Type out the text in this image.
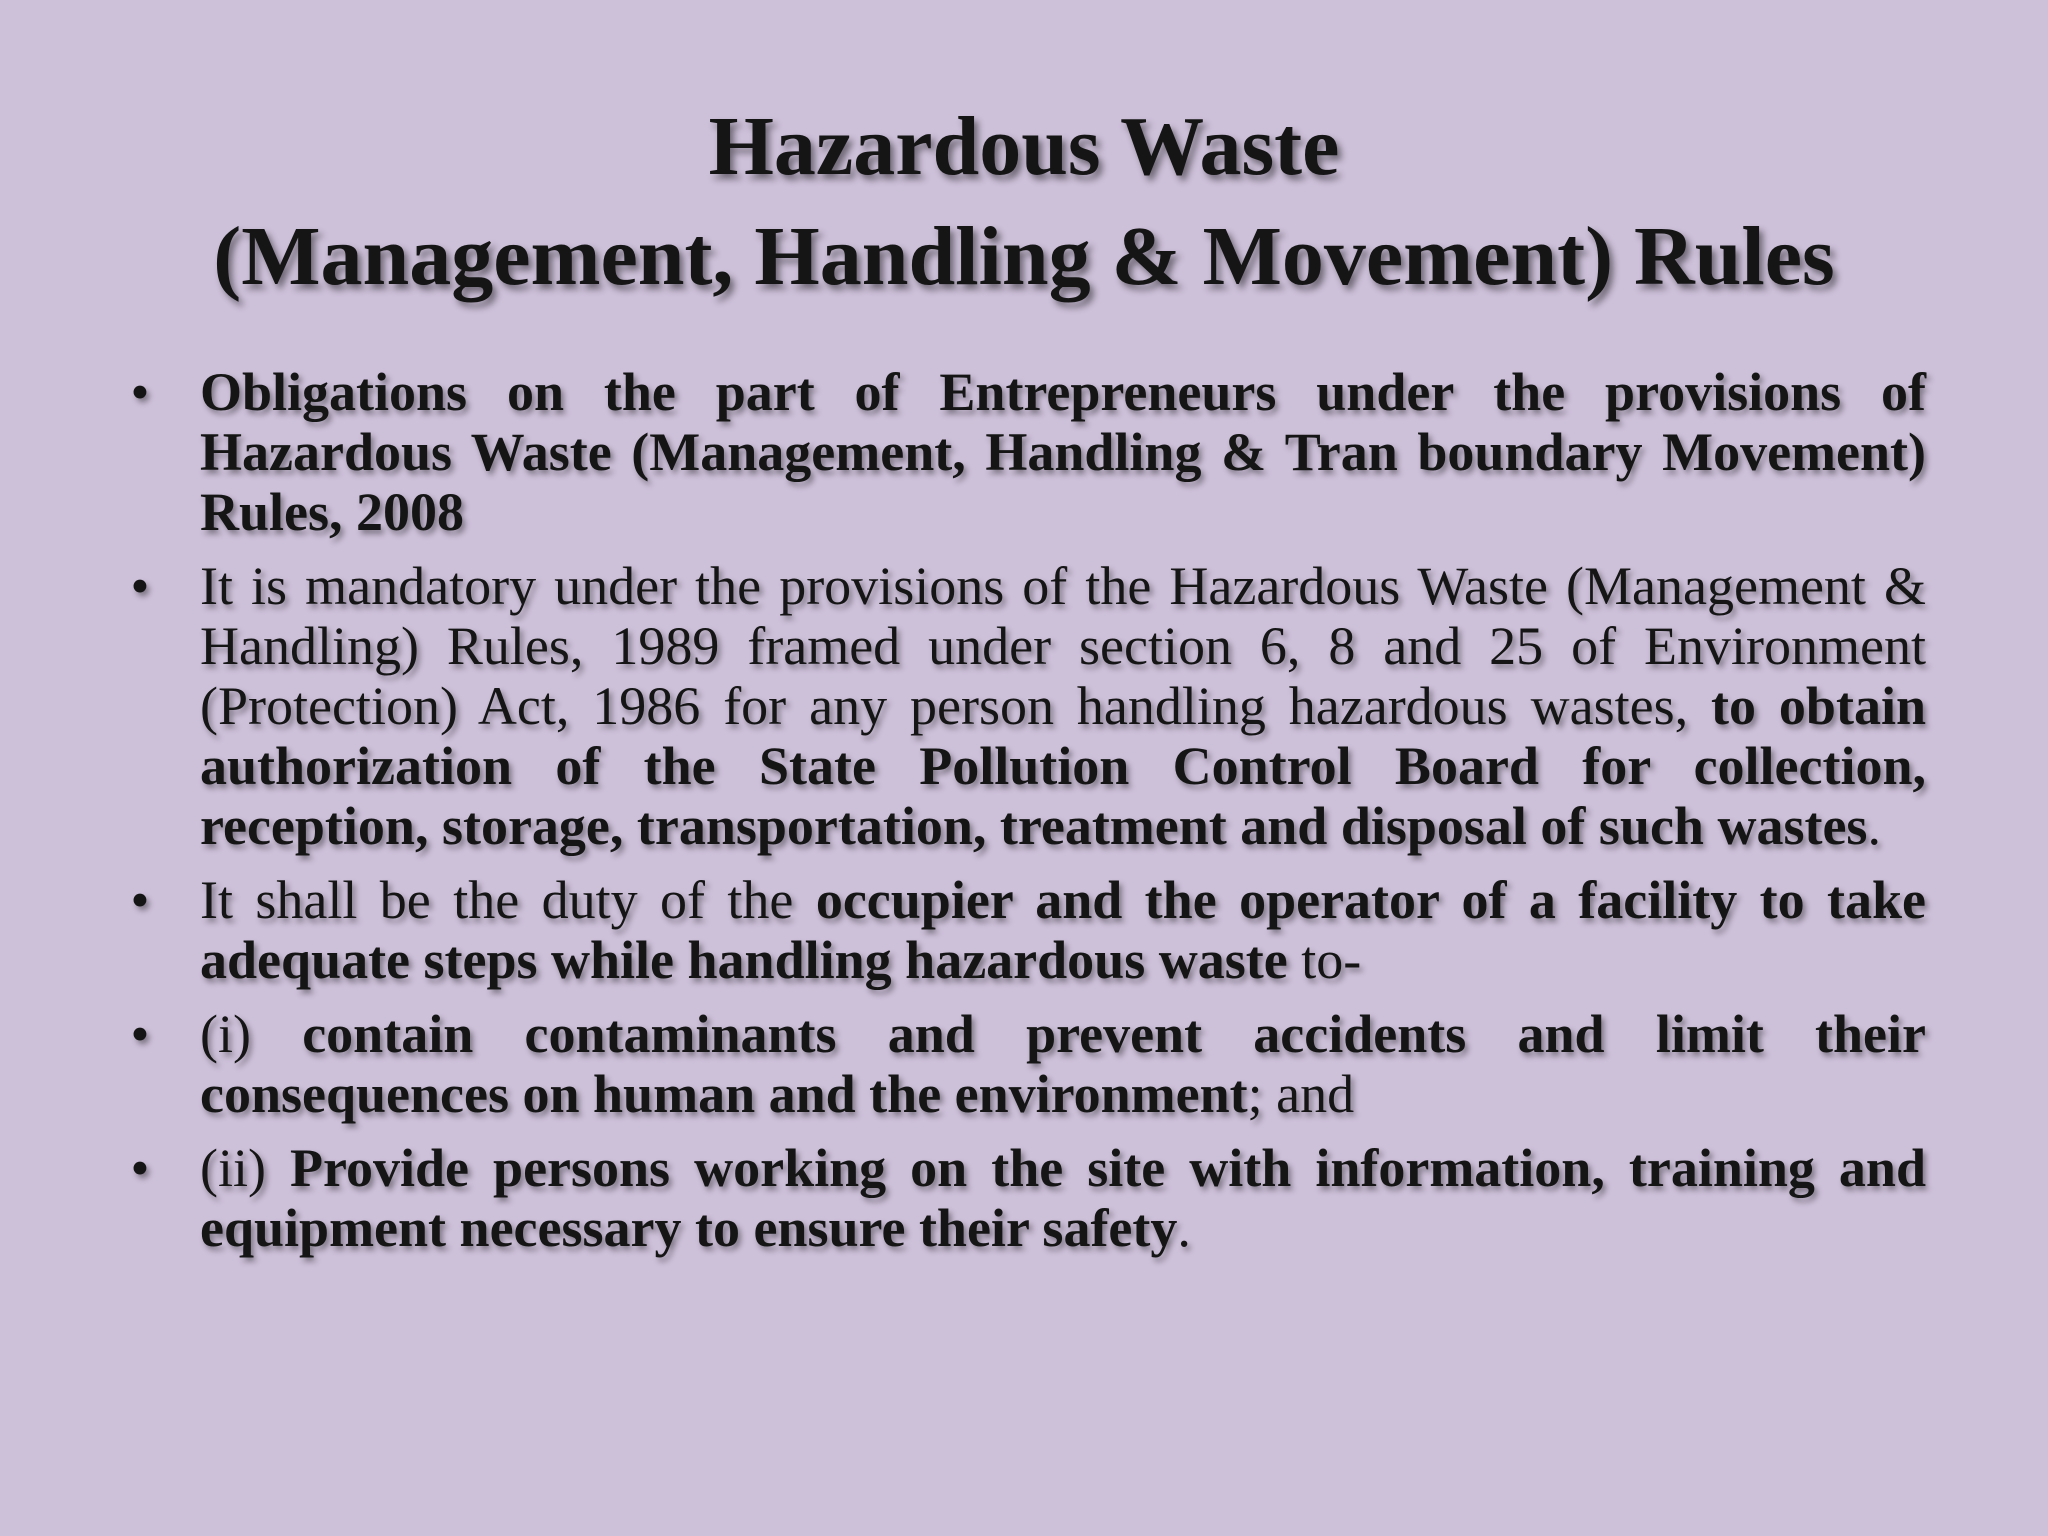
Hazardous Waste
(Management, Handling & Movement) Rules
• Obligations on the part of Entrepreneurs under the provisions of Hazardous Waste (Management, Handling & Tran boundary Movement) Rules, 2008
• It is mandatory under the provisions of the Hazardous Waste (Management & Handling) Rules, 1989 framed under section 6, 8 and 25 of Environment (Protection) Act, 1986 for any person handling hazardous wastes, to obtain authorization of the State Pollution Control Board for collection, reception, storage, transportation, treatment and disposal of such wastes.
• It shall be the duty of the occupier and the operator of a facility to take adequate steps while handling hazardous waste to-
• (i) contain contaminants and prevent accidents and limit their consequences on human and the environment; and
• (ii) Provide persons working on the site with information, training and equipment necessary to ensure their safety.
